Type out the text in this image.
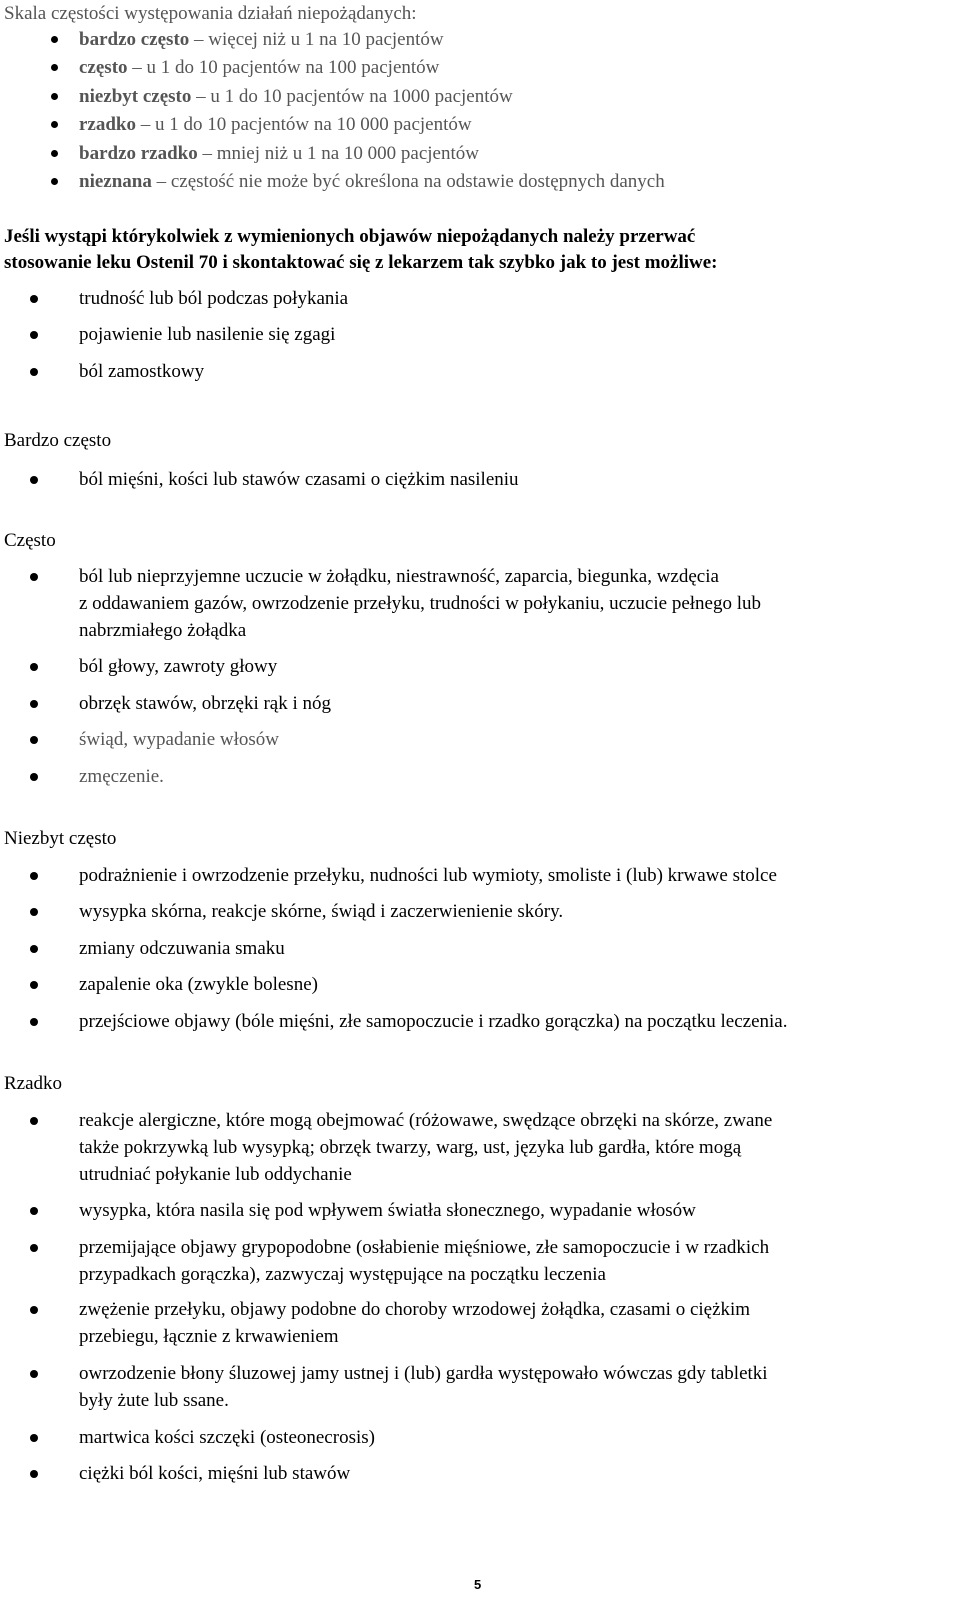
Skala częstości występowania działań niepożądanych:
bardzo często – więcej niż u 1 na 10 pacjentów
często – u 1 do 10 pacjentów na 100 pacjentów
niezbyt często – u 1 do 10 pacjentów na 1000 pacjentów
rzadko – u 1 do 10 pacjentów na 10 000 pacjentów
bardzo rzadko – mniej niż u 1 na 10 000 pacjentów
nieznana – częstość nie może być określona na odstawie dostępnych danych
Jeśli wystąpi którykolwiek z wymienionych objawów niepożądanych należy przerwać
stosowanie leku Ostenil 70 i skontaktować się z lekarzem tak szybko jak to jest możliwe:
trudność lub ból podczas połykania
pojawienie lub nasilenie się zgagi
ból zamostkowy
Bardzo często
ból mięśni, kości lub stawów czasami o ciężkim nasileniu
Często
ból lub nieprzyjemne uczucie w żołądku, niestrawność, zaparcia, biegunka, wzdęcia
z oddawaniem gazów, owrzodzenie przełyku, trudności w połykaniu, uczucie pełnego lub
nabrzmiałego żołądka
ból głowy, zawroty głowy
obrzęk stawów, obrzęki rąk i nóg
świąd, wypadanie włosów
zmęczenie.
Niezbyt często
podrażnienie i owrzodzenie przełyku, nudności lub wymioty, smoliste i (lub) krwawe stolce
wysypka skórna, reakcje skórne, świąd i zaczerwienienie skóry.
zmiany odczuwania smaku
zapalenie oka (zwykle bolesne)
przejściowe objawy (bóle mięśni, złe samopoczucie i rzadko gorączka) na początku leczenia.
Rzadko
reakcje alergiczne, które mogą obejmować (różowawe, swędzące obrzęki na skórze, zwane
także pokrzywką lub wysypką; obrzęk twarzy, warg, ust, języka lub gardła, które mogą
utrudniać połykanie lub oddychanie
wysypka, która nasila się pod wpływem światła słonecznego, wypadanie włosów
przemijające objawy grypopodobne (osłabienie mięśniowe, złe samopoczucie i w rzadkich
przypadkach gorączka), zazwyczaj występujące na początku leczenia
zwężenie przełyku, objawy podobne do choroby wrzodowej żołądka, czasami o ciężkim
przebiegu, łącznie z krwawieniem
owrzodzenie błony śluzowej jamy ustnej i (lub) gardła występowało wówczas gdy tabletki
były żute lub ssane.
martwica kości szczęki (osteonecrosis)
ciężki ból kości, mięśni lub stawów
5
